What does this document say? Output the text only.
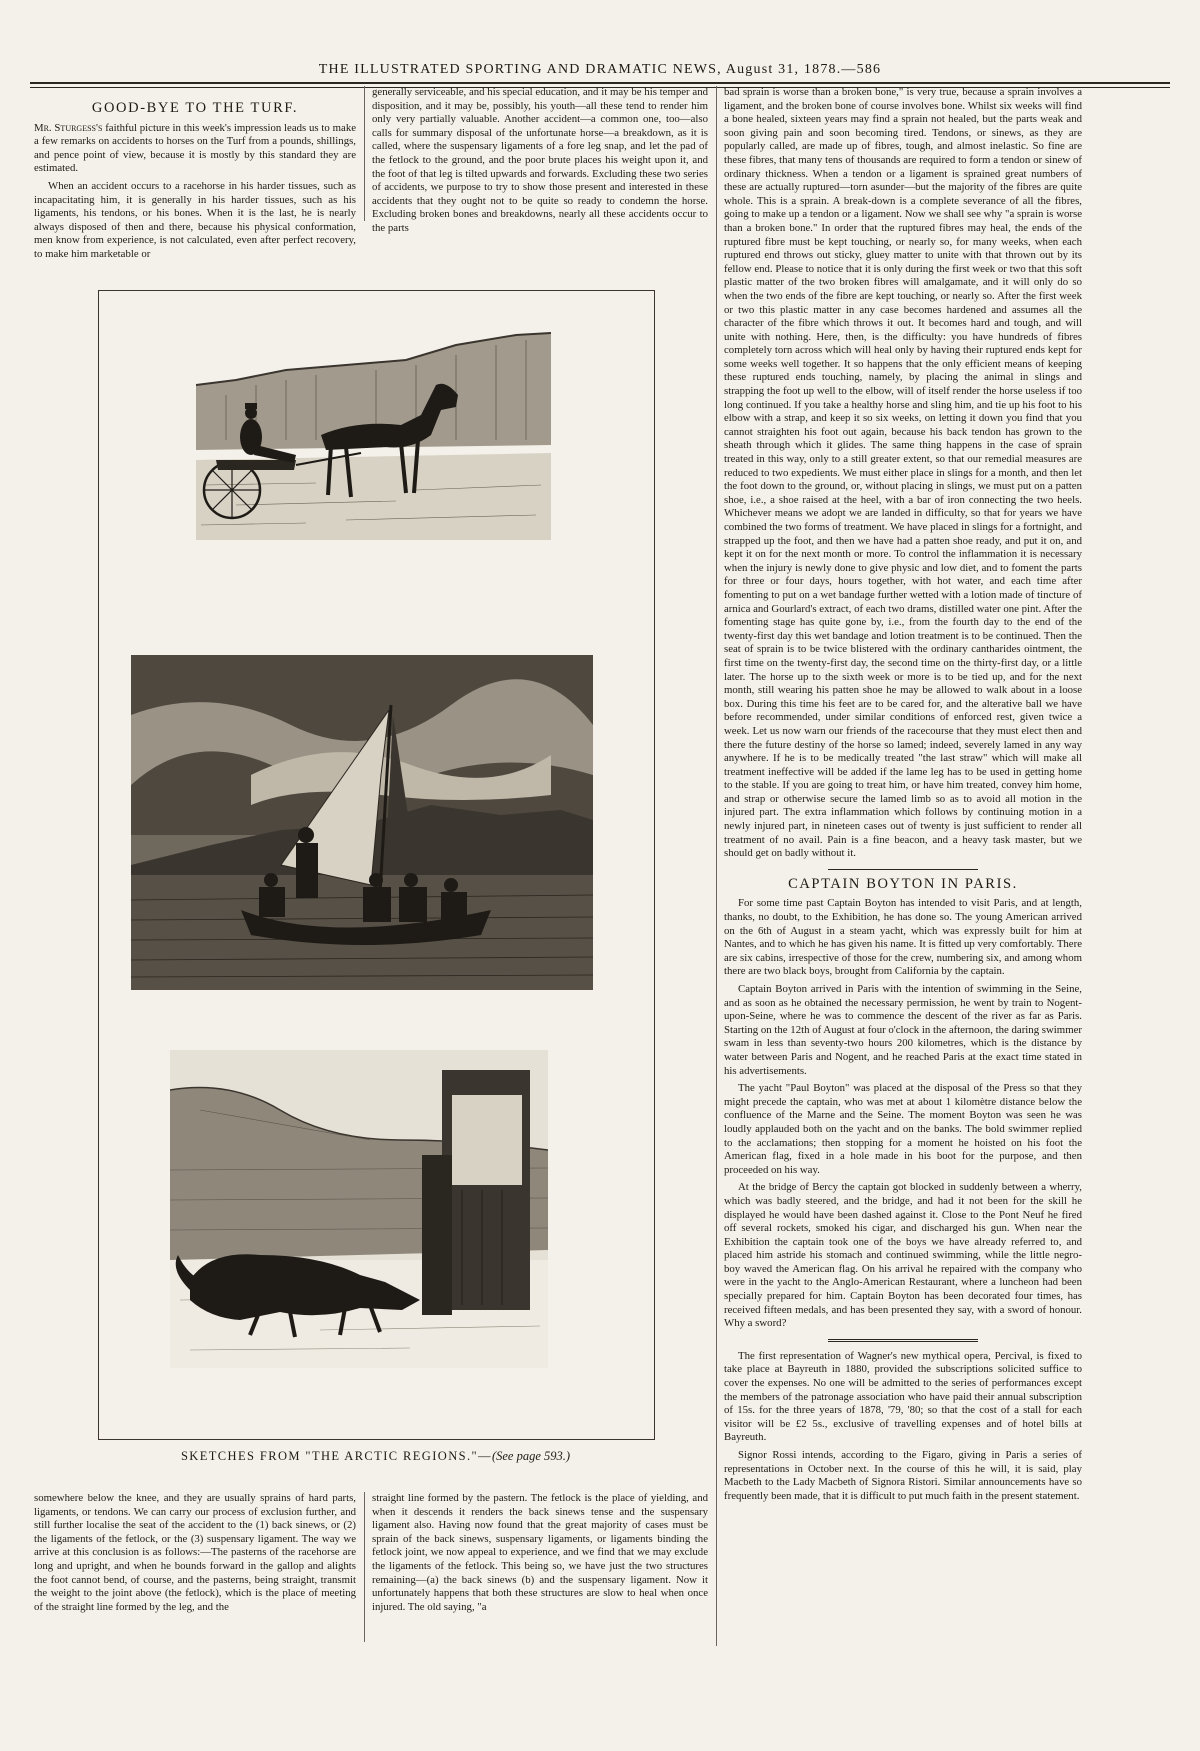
THE ILLUSTRATED SPORTING AND DRAMATIC NEWS, August 31, 1878.—586
GOOD-BYE TO THE TURF.

Mr. Sturgess's faithful picture in this week's impression leads us to make a few remarks on accidents to horses on the Turf from a pounds, shillings, and pence point of view, because it is mostly by this standard they are estimated.

When an accident occurs to a racehorse in his harder tissues, such as incapacitating him, it is generally in his harder tissues, such as his ligaments, his tendons, or his bones. When it is the last, he is nearly always disposed of then and there, because his physical conformation, men know from experience, is not calculated, even after perfect recovery, to make him marketable or

generally serviceable, and his special education, and it may be his temper and disposition, and it may be, possibly, his youth—all these tend to render him only very partially valuable. Another accident—a common one, too—also calls for summary disposal of the unfortunate horse—a breakdown, as it is called, where the suspensary ligaments of a fore leg snap, and let the pad of the fetlock to the ground, and the poor brute places his weight upon it, and the foot of that leg is tilted upwards and forwards. Excluding these two series of accidents, we purpose to try to show those present and interested in these accidents that they ought not to be quite so ready to condemn the horse. Excluding broken bones and breakdowns, nearly all these accidents occur to the parts

bad sprain is worse than a broken bone," is very true, because a sprain involves a ligament, and the broken bone of course involves bone. Whilst six weeks will find a bone healed, sixteen years may find a sprain not healed, but the parts weak and soon giving pain and soon becoming tired. Tendons, or sinews, as they are popularly called, are made up of fibres, tough, and almost inelastic. So fine are these fibres, that many tens of thousands are required to form a tendon or sinew of ordinary thickness. When a tendon or a ligament is sprained great numbers of these are actually ruptured—torn asunder—but the majority of the fibres are quite whole. This is a sprain. A break-down is a complete severance of all the fibres, going to make up a tendon or a ligament. Now we shall see why "a sprain is worse than a broken bone." In order that the ruptured fibres may heal, the ends of the ruptured fibre must be kept touching, or nearly so, for many weeks, when each ruptured end throws out sticky, gluey matter to unite with that thrown out by its fellow end. Please to notice that it is only during the first week or two that this soft plastic matter of the two broken fibres will amalgamate, and it will only do so when the two ends of the fibre are kept touching, or nearly so. After the first week or two this plastic matter in any case becomes hardened and assumes all the character of the fibre which throws it out. It becomes hard and tough, and will unite with nothing. Here, then, is the difficulty: you have hundreds of fibres completely torn across which will heal only by having their ruptured ends kept for some weeks well together. It so happens that the only efficient means of keeping these ruptured ends touching, namely, by placing the animal in slings and strapping the foot up well to the elbow, will of itself render the horse useless if too long continued. If you take a healthy horse and sling him, and tie up his foot to his elbow with a strap, and keep it so six weeks, on letting it down you find that you cannot straighten his foot out again, because his back tendon has grown to the sheath through which it glides. The same thing happens in the case of sprain treated in this way, only to a still greater extent, so that our remedial measures are reduced to two expedients. We must either place in slings for a month, and then let the foot down to the ground, or, without placing in slings, we must put on a patten shoe, i.e., a shoe raised at the heel, with a bar of iron connecting the two heels. Whichever means we adopt we are landed in difficulty, so that for years we have combined the two forms of treatment. We have placed in slings for a fortnight, and strapped up the foot, and then we have had a patten shoe ready, and put it on, and kept it on for the next month or more. To control the inflammation it is necessary when the injury is newly done to give physic and low diet, and to foment the parts for three or four days, hours together, with hot water, and each time after fomenting to put on a wet bandage further wetted with a lotion made of tincture of arnica and Gourlard's extract, of each two drams, distilled water one pint. After the fomenting stage has quite gone by, i.e., from the fourth day to the end of the twenty-first day this wet bandage and lotion treatment is to be continued. Then the seat of sprain is to be twice blistered with the ordinary cantharides ointment, the first time on the twenty-first day, the second time on the thirty-first day, or a little later. The horse up to the sixth week or more is to be tied up, and for the next month, still wearing his patten shoe he may be allowed to walk about in a loose box. During this time his feet are to be cared for, and the alterative ball we have before recommended, under similar conditions of enforced rest, given twice a week. Let us now warn our friends of the racecourse that they must elect then and there the future destiny of the horse so lamed; indeed, severely lamed in any way anywhere. If he is to be medically treated "the last straw" which will make all treatment ineffective will be added if the lame leg has to be used in getting home to the stable. If you are going to treat him, or have him treated, convey him home, and strap or otherwise secure the lamed limb so as to avoid all motion in the injured part. The extra inflammation which follows by continuing motion in a newly injured part, in nineteen cases out of twenty is just sufficient to render all treatment of no avail. Pain is a fine beacon, and a heavy task master, but we should get on badly without it.

CAPTAIN BOYTON IN PARIS.

For some time past Captain Boyton has intended to visit Paris, and at length, thanks, no doubt, to the Exhibition, he has done so. The young American arrived on the 6th of August in a steam yacht, which was expressly built for him at Nantes, and to which he has given his name. It is fitted up very comfortably. There are six cabins, irrespective of those for the crew, numbering six, and among whom there are two black boys, brought from California by the captain.

Captain Boyton arrived in Paris with the intention of swimming in the Seine, and as soon as he obtained the necessary permission, he went by train to Nogent-upon-Seine, where he was to commence the descent of the river as far as Paris. Starting on the 12th of August at four o'clock in the afternoon, the daring swimmer swam in less than seventy-two hours 200 kilometres, which is the distance by water between Paris and Nogent, and he reached Paris at the exact time stated in his advertisements.

The yacht "Paul Boyton" was placed at the disposal of the Press so that they might precede the captain, who was met at about 1 kilomètre distance below the confluence of the Marne and the Seine. The moment Boyton was seen he was loudly applauded both on the yacht and on the banks. The bold swimmer replied to the acclamations; then stopping for a moment he hoisted on his foot the American flag, fixed in a hole made in his boot for the purpose, and then proceeded on his way.

At the bridge of Bercy the captain got blocked in suddenly between a wherry, which was badly steered, and the bridge, and had it not been for the skill he displayed he would have been dashed against it. Close to the Pont Neuf he fired off several rockets, smoked his cigar, and discharged his gun. When near the Exhibition the captain took one of the boys we have already referred to, and placed him astride his stomach and continued swimming, while the little negro-boy waved the American flag. On his arrival he repaired with the company who were in the yacht to the Anglo-American Restaurant, where a luncheon had been specially prepared for him. Captain Boyton has been decorated four times, has received fifteen medals, and has been presented they say, with a sword of honour. Why a sword?

The first representation of Wagner's new mythical opera, Percival, is fixed to take place at Bayreuth in 1880, provided the subscriptions solicited suffice to cover the expenses. No one will be admitted to the series of performances except the members of the patronage association who have paid their annual subscription of 15s. for the three years of 1878, '79, '80; so that the cost of a stall for each visitor will be £2 5s., exclusive of travelling expenses and of hotel bills at Bayreuth.

Signor Rossi intends, according to the Figaro, giving in Paris a series of representations in October next. In the course of this he will, it is said, play Macbeth to the Lady Macbeth of Signora Ristori. Similar announcements have so frequently been made, that it is difficult to put much faith in the present statement.

SKETCHES FROM "THE ARCTIC REGIONS."—(See page 593.)

somewhere below the knee, and they are usually sprains of hard parts, ligaments, or tendons. We can carry our process of exclusion further, and still further localise the seat of the accident to the (1) back sinews, or (2) the ligaments of the fetlock, or the (3) suspensary ligament. The way we arrive at this conclusion is as follows:—The pasterns of the racehorse are long and upright, and when he bounds forward in the gallop and alights the foot cannot bend, of course, and the pasterns, being straight, transmit the weight to the joint above (the fetlock), which is the place of meeting of the straight line formed by the leg, and the

straight line formed by the pastern. The fetlock is the place of yielding, and when it descends it renders the back sinews tense and the suspensary ligament also. Having now found that the great majority of cases must be sprain of the back sinews, suspensary ligaments, or ligaments binding the fetlock joint, we now appeal to experience, and we find that we may exclude the ligaments of the fetlock. This being so, we have just the two structures remaining—(a) the back sinews (b) and the suspensary ligament. Now it unfortunately happens that both these structures are slow to heal when once injured. The old saying, "a
